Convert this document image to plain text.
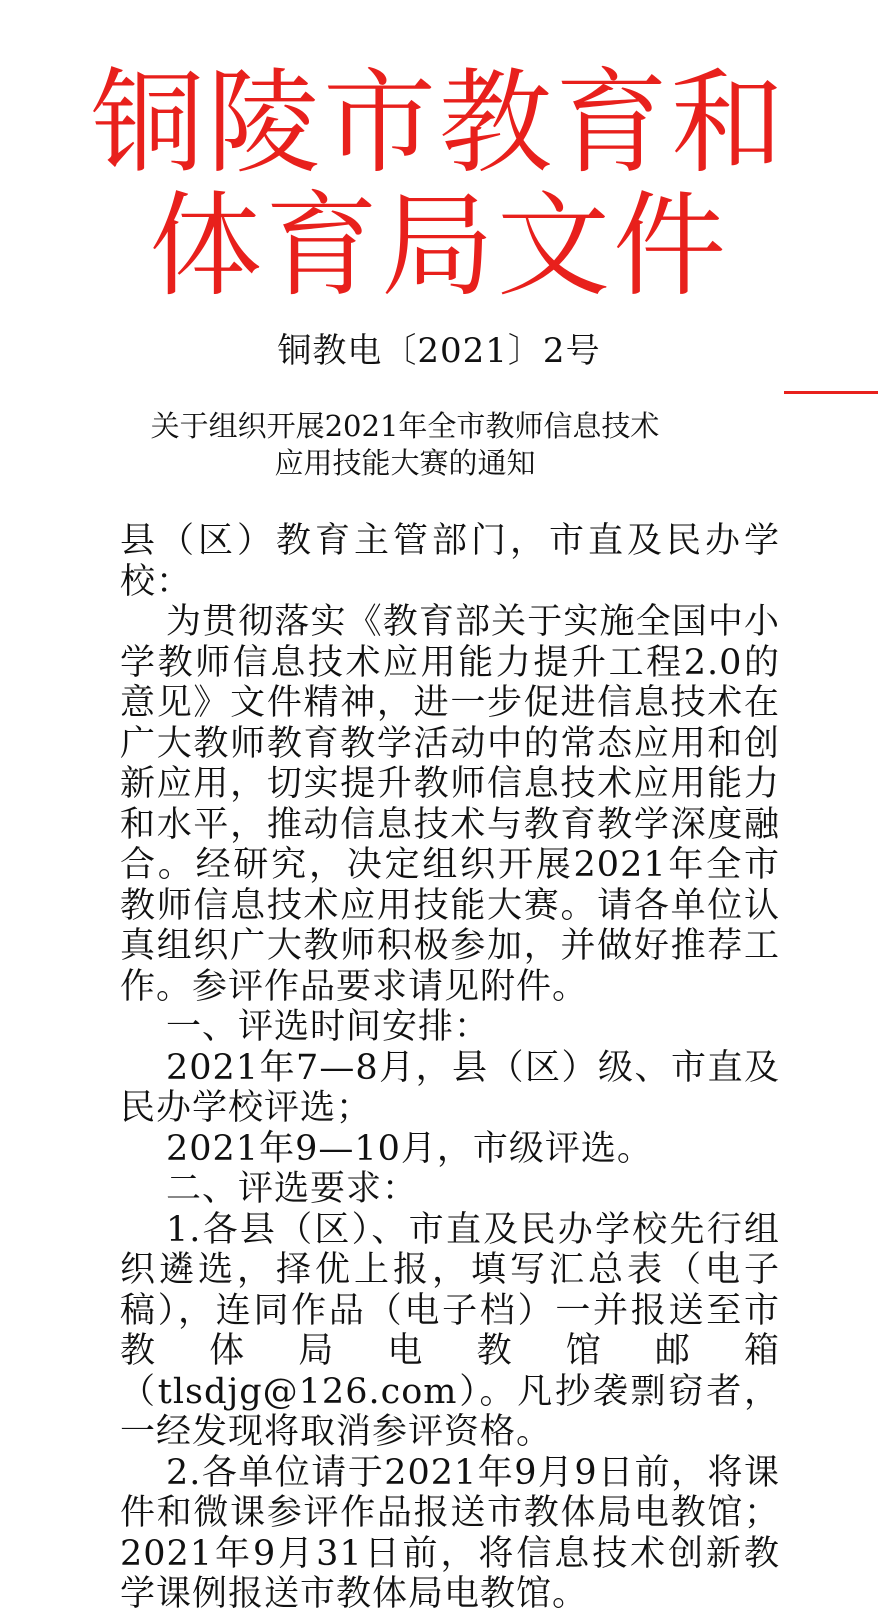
铜陵市教育和
体育局文件
铜教电〔2021〕2号
关于组织开展2021年全市教师信息技术
应用技能大赛的通知

县（区）教育主管部门，市直及民办学校：

为贯彻落实《教育部关于实施全国中小学教师信息技术应用能力提升工程2.0的意见》文件精神，进一步促进信息技术在广大教师教育教学活动中的常态应用和创新应用，切实提升教师信息技术应用能力和水平，推动信息技术与教育教学深度融合。经研究，决定组织开展2021年全市教师信息技术应用技能大赛。请各单位认真组织广大教师积极参加，并做好推荐工作。参评作品要求请见附件。

一、评选时间安排：

2021年7—8月，县（区）级、市直及民办学校评选；

2021年9—10月，市级评选。

二、评选要求：

1.各县（区）、市直及民办学校先行组织遴选，择优上报，填写汇总表（电子稿），连同作品（电子档）一并报送至市教体局电教馆邮箱（tlsdjg@126.com）。凡抄袭剽窃者，一经发现将取消参评资格。

2.各单位请于2021年9月9日前，将课件和微课参评作品报送市教体局电教馆；2021年9月31日前，将信息技术创新教学课例报送市教体局电教馆。
